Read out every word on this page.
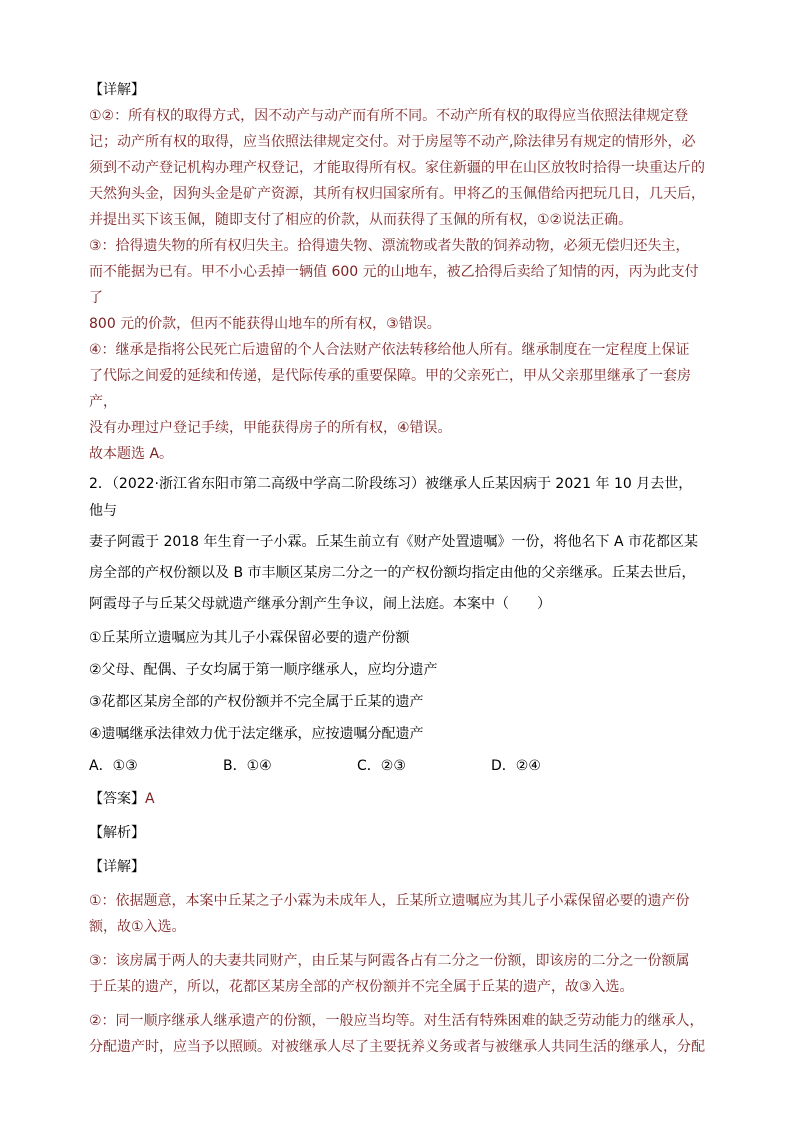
【详解】

①②：所有权的取得方式，因不动产与动产而有所不同。不动产所有权的取得应当依照法律规定登

记；动产所有权的取得，应当依照法律规定交付。对于房屋等不动产,除法律另有规定的情形外，必

须到不动产登记机构办理产权登记，才能取得所有权。家住新疆的甲在山区放牧时拾得一块重达斤的

天然狗头金，因狗头金是矿产资源，其所有权归国家所有。甲将乙的玉佩借给丙把玩几日，几天后，

并提出买下该玉佩，随即支付了相应的价款，从而获得了玉佩的所有权，①②说法正确。

③：拾得遗失物的所有权归失主。拾得遗失物、漂流物或者失散的饲养动物，必须无偿归还失主，

而不能据为已有。甲不小心丢掉一辆值 600 元的山地车，被乙拾得后卖给了知情的丙，丙为此支付了

800 元的价款，但丙不能获得山地车的所有权，③错误。

④：继承是指将公民死亡后遗留的个人合法财产依法转移给他人所有。继承制度在一定程度上保证

了代际之间爱的延续和传递，是代际传承的重要保障。甲的父亲死亡，甲从父亲那里继承了一套房产，

没有办理过户登记手续，甲能获得房子的所有权，④错误。

故本题选 A。

2．（2022·浙江省东阳市第二高级中学高二阶段练习）被继承人丘某因病于 2021 年 10 月去世，他与

妻子阿霞于 2018 年生育一子小霖。丘某生前立有《财产处置遗嘱》一份，将他名下 A 市花都区某

房全部的产权份额以及 B 市丰顺区某房二分之一的产权份额均指定由他的父亲继承。丘某去世后，

阿霞母子与丘某父母就遗产继承分割产生争议，闹上法庭。本案中（　　）

①丘某所立遗嘱应为其儿子小霖保留必要的遗产份额

②父母、配偶、子女均属于第一顺序继承人，应均分遗产

③花都区某房全部的产权份额并不完全属于丘某的遗产

④遗嘱继承法律效力优于法定继承，应按遗嘱分配遗产

A．①③	B．①④	C．②③	D．②④

【答案】A

【解析】

【详解】

①：依据题意，本案中丘某之子小霖为未成年人，丘某所立遗嘱应为其儿子小霖保留必要的遗产份

额，故①入选。

③：该房属于两人的夫妻共同财产，由丘某与阿霞各占有二分之一份额，即该房的二分之一份额属

于丘某的遗产，所以，花都区某房全部的产权份额并不完全属于丘某的遗产，故③入选。

②：同一顺序继承人继承遗产的份额，一般应当均等。对生活有特殊困难的缺乏劳动能力的继承人，

分配遗产时，应当予以照顾。对被继承人尽了主要抚养义务或者与被继承人共同生活的继承人，分配
